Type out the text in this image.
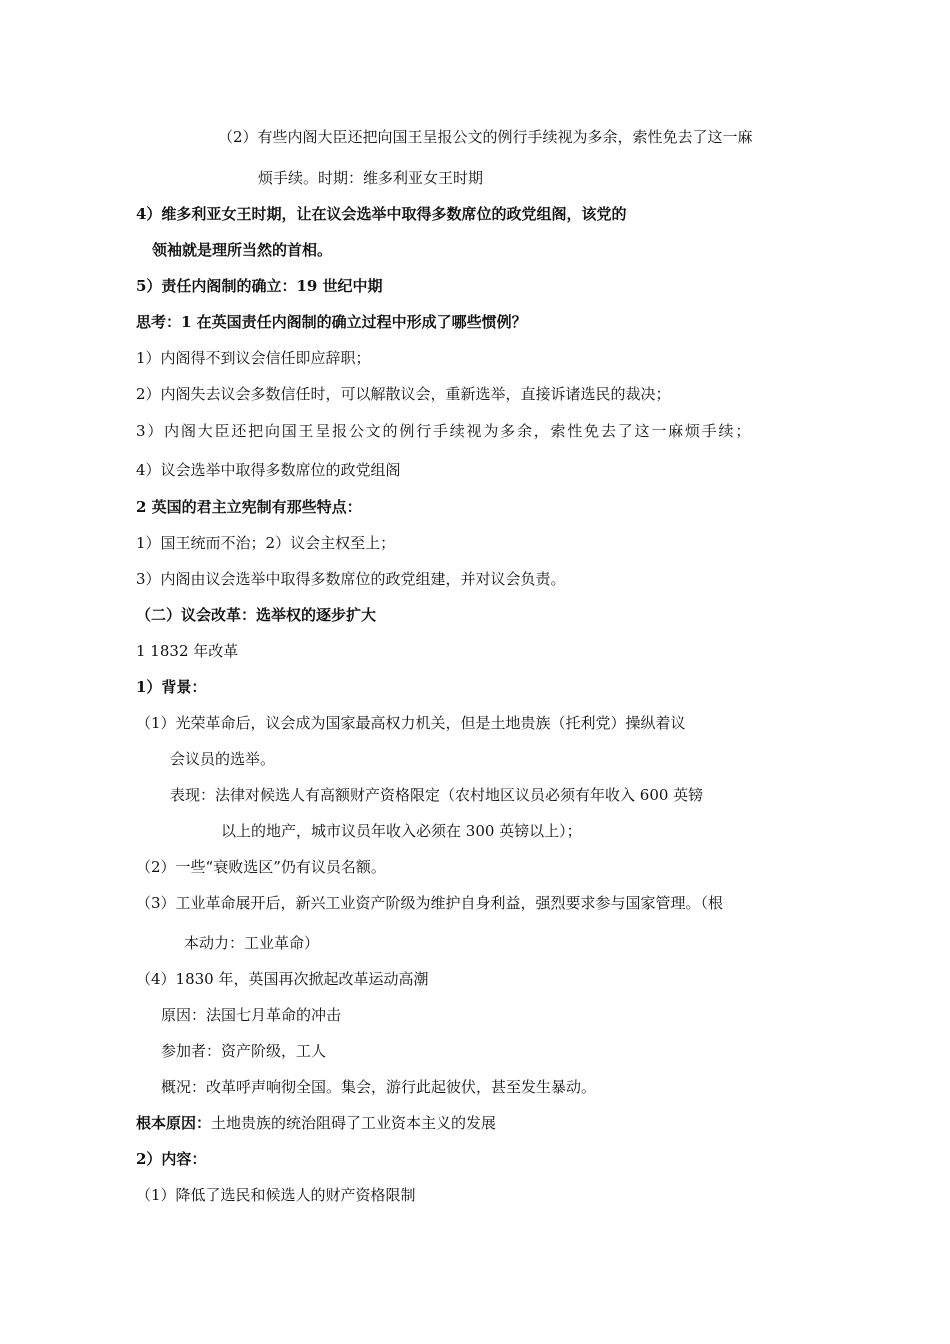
（2）有些内阁大臣还把向国王呈报公文的例行手续视为多余，索性免去了这一麻
烦手续。时期：维多利亚女王时期
4）维多利亚女王时期，让在议会选举中取得多数席位的政党组阁，该党的
领袖就是理所当然的首相。
5）责任内阁制的确立：19 世纪中期
思考：1 在英国责任内阁制的确立过程中形成了哪些惯例？
1）内阁得不到议会信任即应辞职；
2）内阁失去议会多数信任时，可以解散议会，重新选举，直接诉诸选民的裁决；
3）内阁大臣还把向国王呈报公文的例行手续视为多余，索性免去了这一麻烦手续；
4）议会选举中取得多数席位的政党组阁
2 英国的君主立宪制有那些特点：
1）国王统而不治；2）议会主权至上；
3）内阁由议会选举中取得多数席位的政党组建，并对议会负责。
（二）议会改革：选举权的逐步扩大
1 1832 年改革
1）背景：
（1）光荣革命后，议会成为国家最高权力机关，但是土地贵族（托利党）操纵着议
会议员的选举。
表现：法律对候选人有高额财产资格限定（农村地区议员必须有年收入 600 英镑
以上的地产，城市议员年收入必须在 300 英镑以上）；
（2）一些“衰败选区”仍有议员名额。
（3）工业革命展开后，新兴工业资产阶级为维护自身利益，强烈要求参与国家管理。（根
本动力：工业革命）
（4）1830 年，英国再次掀起改革运动高潮
原因：法国七月革命的冲击
参加者：资产阶级，工人
概况：改革呼声响彻全国。集会，游行此起彼伏，甚至发生暴动。
根本原因：土地贵族的统治阻碍了工业资本主义的发展
2）内容：
（1）降低了选民和候选人的财产资格限制
